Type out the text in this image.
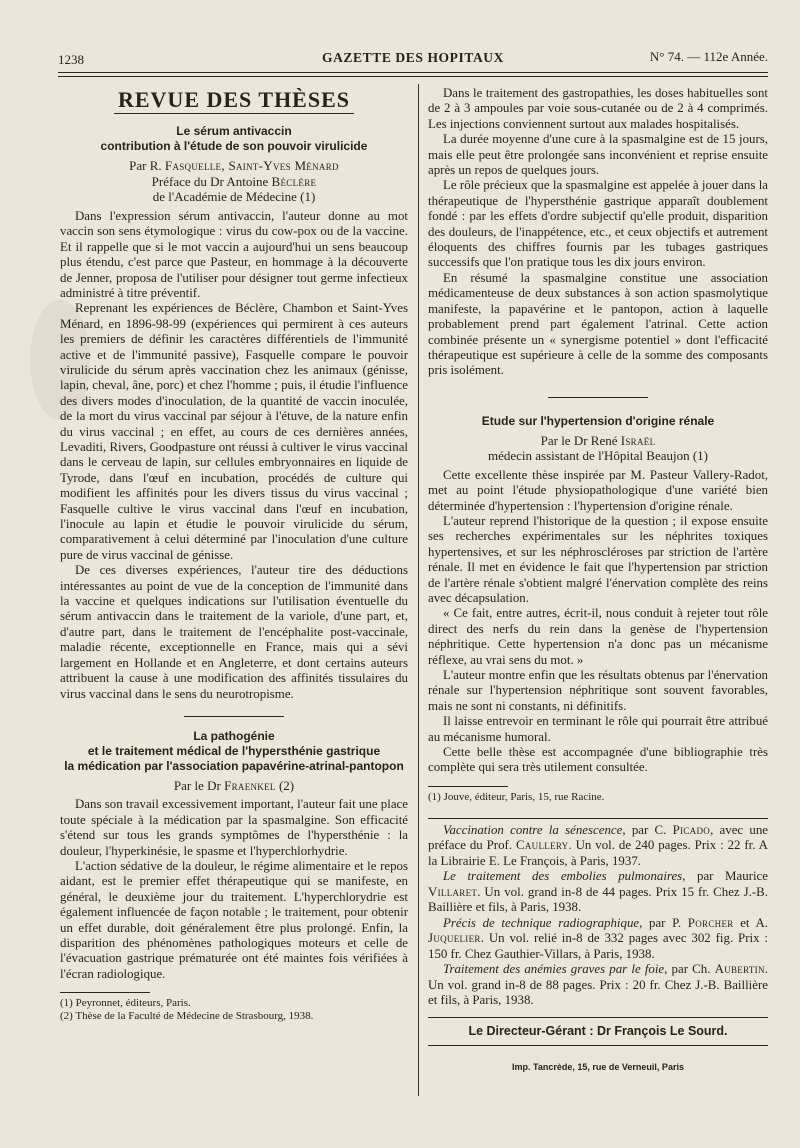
1238	GAZETTE DES HOPITAUX	N° 74. — 112e Année.
REVUE DES THÈSES
Le sérum antivaccin
contribution à l'étude de son pouvoir virulicide
Par R. Fasquelle, Saint-Yves Ménard
Préface du Dr Antoine Béclère
de l'Académie de Médecine (1)

Dans l'expression sérum antivaccin, l'auteur donne au mot vaccin son sens étymologique : virus du cow-pox ou de la vaccine. Et il rappelle que si le mot vaccin a aujourd'hui un sens beaucoup plus étendu, c'est parce que Pasteur, en hommage à la découverte de Jenner, proposa de l'utiliser pour désigner tout germe infectieux administré à titre préventif.

Reprenant les expériences de Béclère, Chambon et Saint-Yves Ménard, en 1896-98-99 (expériences qui permirent à ces auteurs les premiers de définir les caractères différentiels de l'immunité active et de l'immunité passive), Fasquelle compare le pouvoir virulicide du sérum après vaccination chez les animaux (génisse, lapin, cheval, âne, porc) et chez l'homme ; puis, il étudie l'influence des divers modes d'inoculation, de la quantité de vaccin inoculée, de la mort du virus vaccinal par séjour à l'étuve, de la nature enfin du virus vaccinal ; en effet, au cours de ces dernières années, Levaditi, Rivers, Goodpasture ont réussi à cultiver le virus vaccinal dans le cerveau de lapin, sur cellules embryonnaires en liquide de Tyrode, dans l'œuf en incubation, procédés de culture qui modifient les affinités pour les divers tissus du virus vaccinal ; Fasquelle cultive le virus vaccinal dans l'œuf en incubation, l'inocule au lapin et étudie le pouvoir virulicide du sérum, comparativement à celui déterminé par l'inoculation d'une culture pure de virus vaccinal de génisse.

De ces diverses expériences, l'auteur tire des déductions intéressantes au point de vue de la conception de l'immunité dans la vaccine et quelques indications sur l'utilisation éventuelle du sérum antivaccin dans le traitement de la variole, d'une part, et, d'autre part, dans le traitement de l'encéphalite post-vaccinale, maladie récente, exceptionnelle en France, mais qui a sévi largement en Hollande et en Angleterre, et dont certains auteurs attribuent la cause à une modification des affinités tissulaires du virus vaccinal dans le sens du neurotropisme.

La pathogénie
et le traitement médical de l'hypersthénie gastrique
la médication par l'association papavérine-atrinal-pantopon
Par le Dr Fraenkel (2)

Dans son travail excessivement important, l'auteur fait une place toute spéciale à la médication par la spasmalgine. Son efficacité s'étend sur tous les grands symptômes de l'hypersthénie : la douleur, l'hyperkinésie, le spasme et l'hyperchlorhydrie.

L'action sédative de la douleur, le régime alimentaire et le repos aidant, est le premier effet thérapeutique qui se manifeste, en général, le deuxième jour du traitement. L'hyperchlorydrie est également influencée de façon notable ; le traitement, pour obtenir un effet durable, doit généralement être plus prolongé. Enfin, la disparition des phénomènes pathologiques moteurs et celle de l'évacuation gastrique prématurée ont été maintes fois vérifiées à l'écran radiologique.

(1) Peyronnet, éditeurs, Paris.

(2) Thèse de la Faculté de Médecine de Strasbourg, 1938.

Dans le traitement des gastropathies, les doses habituelles sont de 2 à 3 ampoules par voie sous-cutanée ou de 2 à 4 comprimés. Les injections conviennent surtout aux malades hospitalisés.

La durée moyenne d'une cure à la spasmalgine est de 15 jours, mais elle peut être prolongée sans inconvénient et reprise ensuite après un repos de quelques jours.

Le rôle précieux que la spasmalgine est appelée à jouer dans la thérapeutique de l'hypersthénie gastrique apparaît doublement fondé : par les effets d'ordre subjectif qu'elle produit, disparition des douleurs, de l'inappétence, etc., et ceux objectifs et autrement éloquents des chiffres fournis par les tubages gastriques successifs que l'on pratique tous les dix jours environ.

En résumé la spasmalgine constitue une association médicamenteuse de deux substances à son action spasmolytique manifeste, la papavérine et le pantopon, action à laquelle probablement prend part également l'atrinal. Cette action combinée présente un « synergisme potentiel » dont l'efficacité thérapeutique est supérieure à celle de la somme des composants pris isolément.

Etude sur l'hypertension d'origine rénale
Par le Dr René Israël
médecin assistant de l'Hôpital Beaujon (1)

Cette excellente thèse inspirée par M. Pasteur Vallery-Radot, met au point l'étude physiopathologique d'une variété bien déterminée d'hypertension : l'hypertension d'origine rénale.

L'auteur reprend l'historique de la question ; il expose ensuite ses recherches expérimentales sur les néphrites toxiques hypertensives, et sur les néphroscléroses par striction de l'artère rénale. Il met en évidence le fait que l'hypertension par striction de l'artère rénale s'obtient malgré l'énervation complète des reins avec décapsulation.

« Ce fait, entre autres, écrit-il, nous conduit à rejeter tout rôle direct des nerfs du rein dans la genèse de l'hypertension néphritique. Cette hypertension n'a donc pas un mécanisme réflexe, au vrai sens du mot. »

L'auteur montre enfin que les résultats obtenus par l'énervation rénale sur l'hypertension néphritique sont souvent favorables, mais ne sont ni constants, ni définitifs.

Il laisse entrevoir en terminant le rôle qui pourrait être attribué au mécanisme humoral.

Cette belle thèse est accompagnée d'une bibliographie très complète qui sera très utilement consultée.

(1) Jouve, éditeur, Paris, 15, rue Racine.

Vaccination contre la sénescence, par C. Picado, avec une préface du Prof. Caullery. Un vol. de 240 pages. Prix : 22 fr. A la Librairie E. Le François, à Paris, 1937.

Le traitement des embolies pulmonaires, par Maurice Villaret. Un vol. grand in-8 de 44 pages. Prix 15 fr. Chez J.-B. Baillière et fils, à Paris, 1938.

Précis de technique radiographique, par P. Porcher et A. Juquelier. Un vol. relié in-8 de 332 pages avec 302 fig. Prix : 150 fr. Chez Gauthier-Villars, à Paris, 1938.

Traitement des anémies graves par le foie, par Ch. Aubertin. Un vol. grand in-8 de 88 pages. Prix : 20 fr. Chez J.-B. Baillière et fils, à Paris, 1938.

Le Directeur-Gérant : Dr François Le Sourd.
Imp. Tancrède, 15, rue de Verneuil, Paris
